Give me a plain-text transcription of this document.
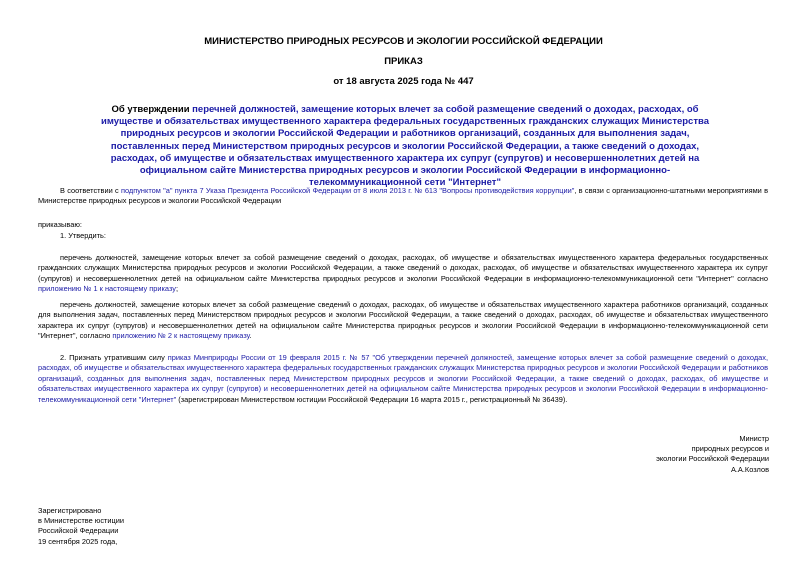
МИНИСТЕРСТВО ПРИРОДНЫХ РЕСУРСОВ И ЭКОЛОГИИ РОССИЙСКОЙ ФЕДЕРАЦИИ
ПРИКАЗ
от 18 августа 2025 года № 447
Об утверждении перечней должностей, замещение которых влечет за собой размещение сведений о доходах, расходах, об имуществе и обязательствах имущественного характера федеральных государственных гражданских служащих Министерства природных ресурсов и экологии Российской Федерации и работников организаций, созданных для выполнения задач, поставленных перед Министерством природных ресурсов и экологии Российской Федерации, а также сведений о доходах, расходах, об имуществе и обязательствах имущественного характера их супруг (супругов) и несовершеннолетних детей на официальном сайте Министерства природных ресурсов и экологии Российской Федерации в информационно-телекоммуникационной сети "Интернет"
В соответствии с подпунктом "а" пункта 7 Указа Президента Российской Федерации от 8 июля 2013 г. № 613 "Вопросы противодействия коррупции", в связи с организационно-штатными мероприятиями в Министерстве природных ресурсов и экологии Российской Федерации
приказываю:
1. Утвердить:
перечень должностей, замещение которых влечет за собой размещение сведений о доходах, расходах, об имуществе и обязательствах имущественного характера федеральных государственных гражданских служащих Министерства природных ресурсов и экологии Российской Федерации, а также сведений о доходах, расходах, об имуществе и обязательствах имущественного характера их супруг (супругов) и несовершеннолетних детей на официальном сайте Министерства природных ресурсов и экологии Российской Федерации в информационно-телекоммуникационной сети "Интернет" согласно приложению № 1 к настоящему приказу;
перечень должностей, замещение которых влечет за собой размещение сведений о доходах, расходах, об имуществе и обязательствах имущественного характера работников организаций, созданных для выполнения задач, поставленных перед Министерством природных ресурсов и экологии Российской Федерации, а также сведений о доходах, расходах, об имуществе и обязательствах имущественного характера их супруг (супругов) и несовершеннолетних детей на официальном сайте Министерства природных ресурсов и экологии Российской Федерации в информационно-телекоммуникационной сети "Интернет", согласно приложению № 2 к настоящему приказу.
2. Признать утратившим силу приказ Минприроды России от 19 февраля 2015 г. № 57 "Об утверждении перечней должностей, замещение которых влечет за собой размещение сведений о доходах, расходах, об имуществе и обязательствах имущественного характера федеральных государственных гражданских служащих Министерства природных ресурсов и экологии Российской Федерации и работников организаций, созданных для выполнения задач, поставленных перед Министерством природных ресурсов и экологии Российской Федерации, а также сведений о доходах, расходах, об имуществе и обязательствах имущественного характера их супруг (супругов) и несовершеннолетних детей на официальном сайте Министерства природных ресурсов и экологии Российской Федерации в информационно-телекоммуникационной сети "Интернет" (зарегистрирован Министерством юстиции Российской Федерации 16 марта 2015 г., регистрационный № 36439).
Министр
природных ресурсов и
экологии Российской Федерации
А.А.Козлов
Зарегистрировано
в Министерстве юстиции
Российской Федерации
19 сентября 2025 года,
